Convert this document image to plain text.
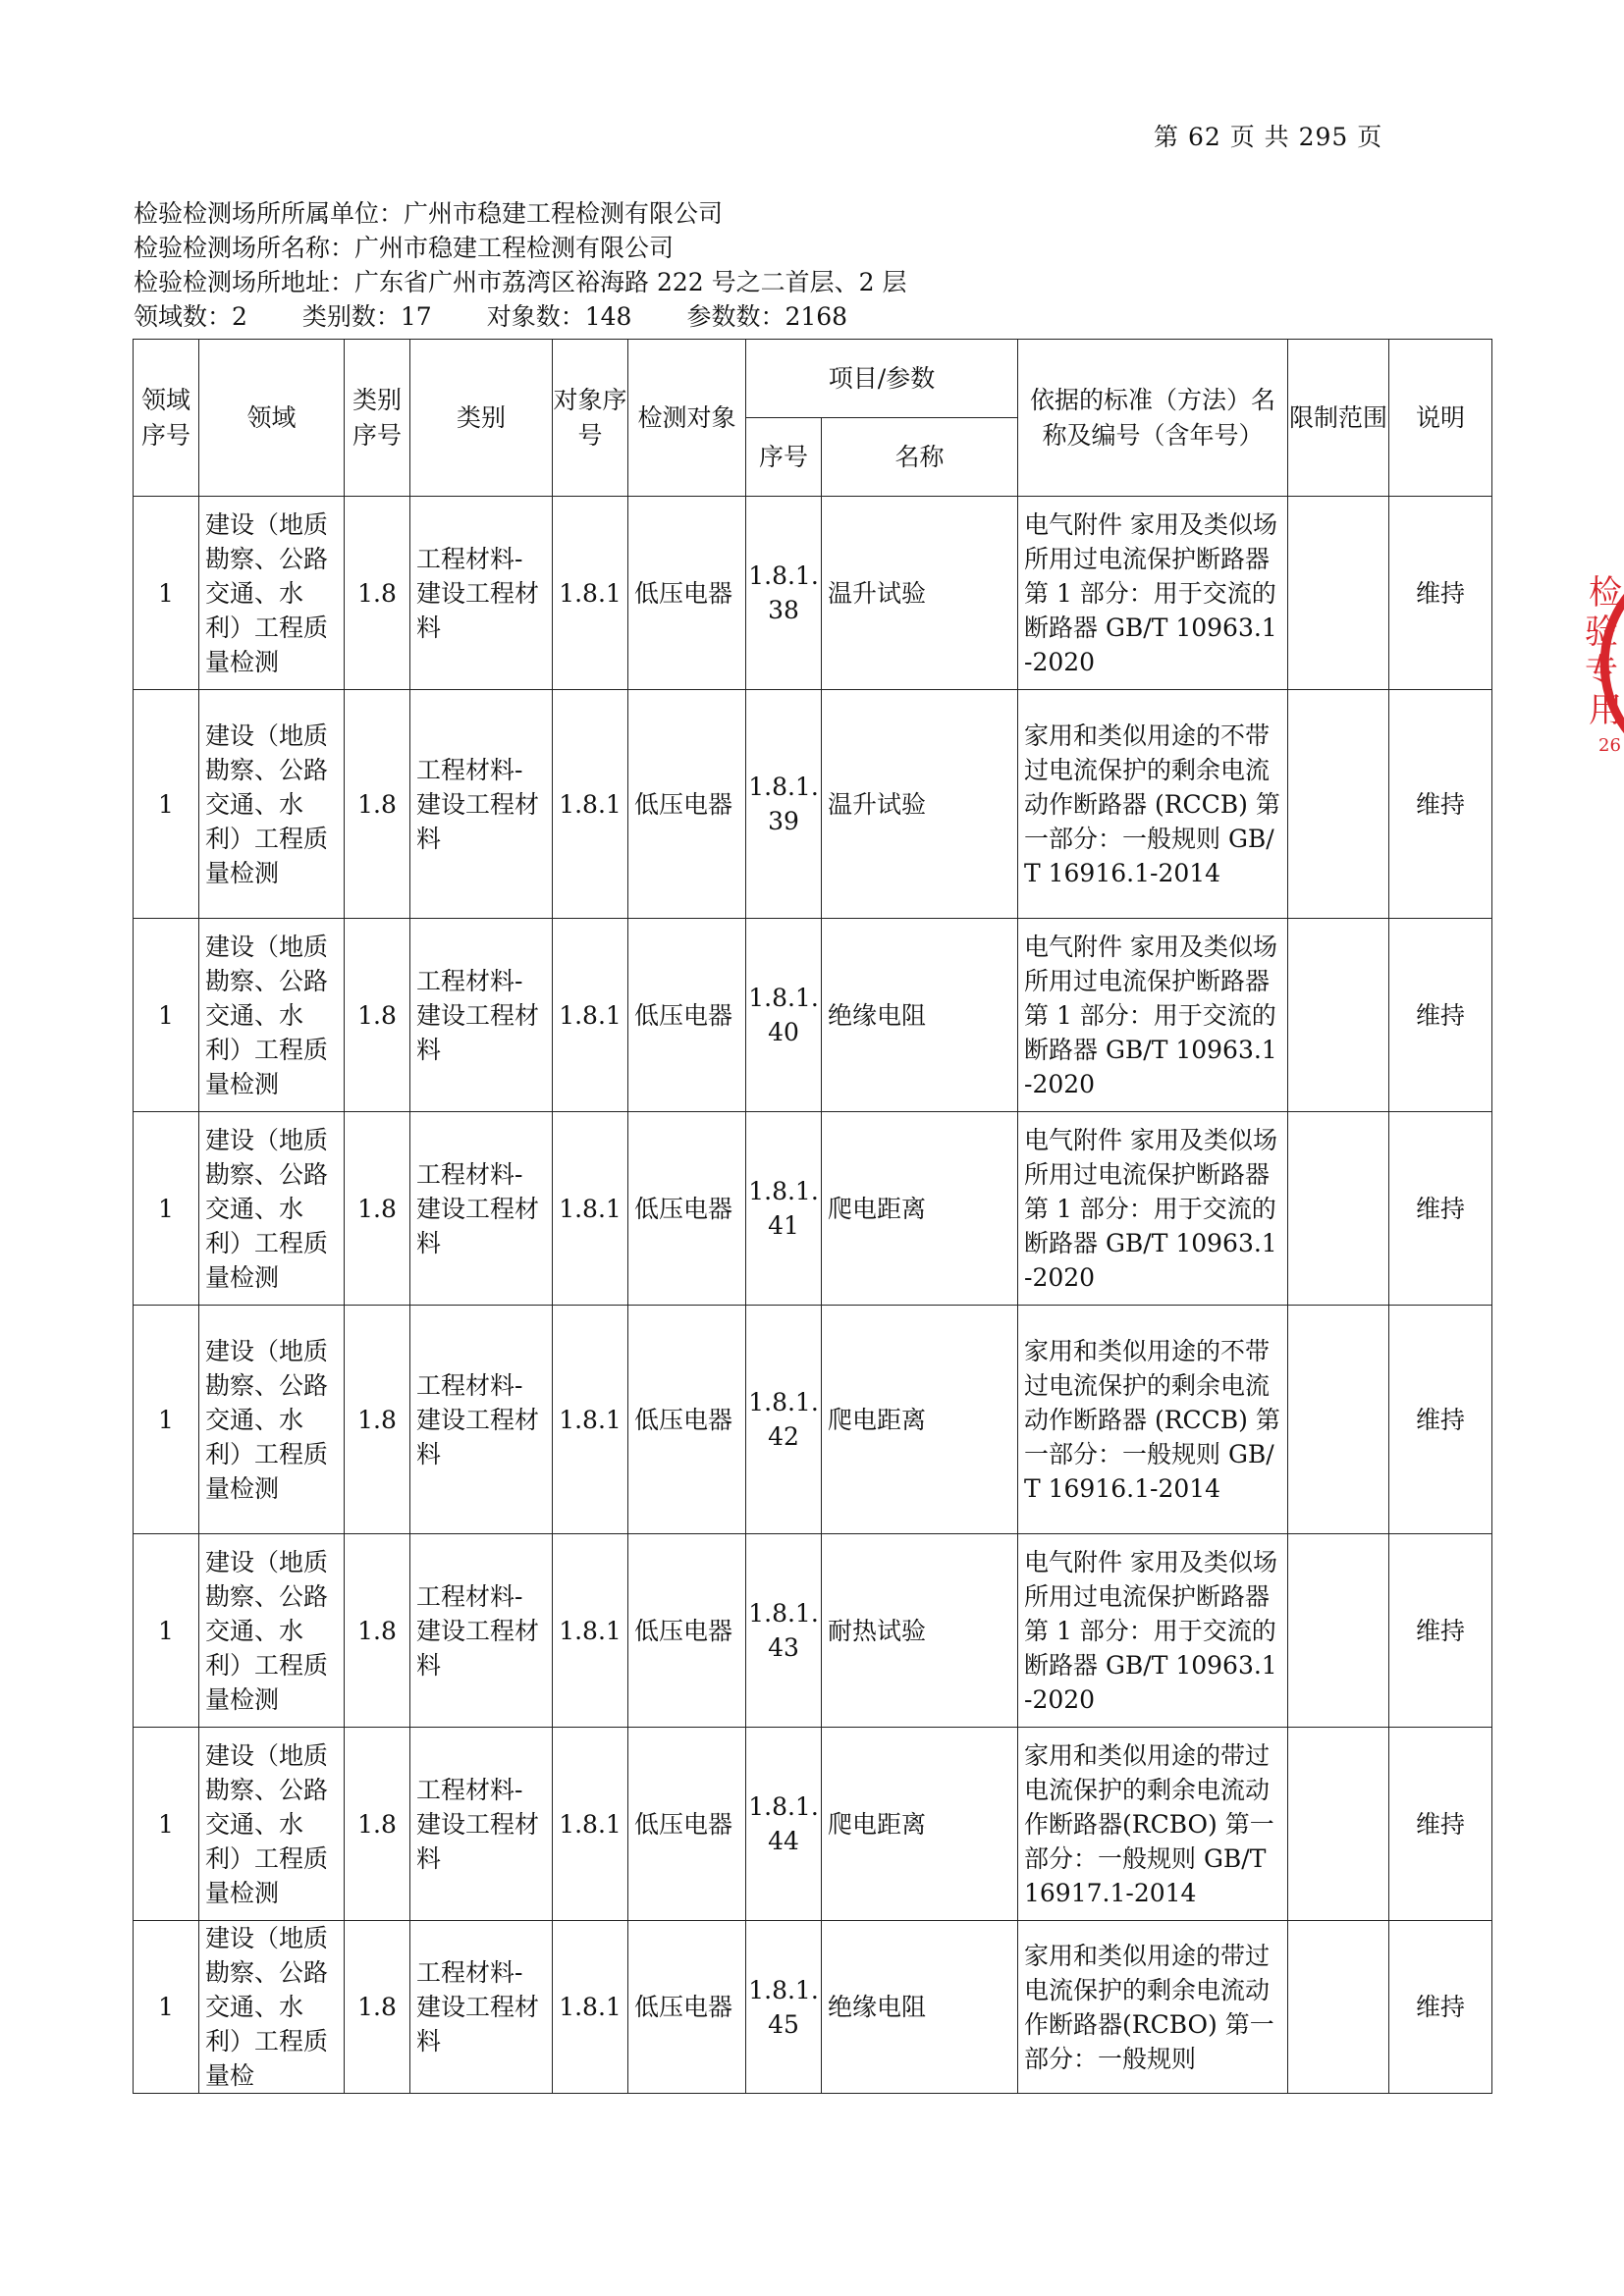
第 62 页 共 295 页
检验检测场所所属单位：广州市稳建工程检测有限公司
检验检测场所名称：广州市稳建工程检测有限公司
检验检测场所地址：广东省广州市荔湾区裕海路 222 号之二首层、2 层
领域数：2 类别数：17 对象数：148 参数数：2168
领域序号	领域	类别序号	类别	对象序号	检测对象	项目/参数		依据的标准（方法）名称及编号（含年号）	限制范围	说明
						序号	名称			
1	建设（地质勘察、公路交通、水利）工程质量检测	1.8	工程材料-建设工程材料	1.8.1	低压电器	1.8.1.38	温升试验	电气附件 家用及类似场所用过电流保护断路器 第 1 部分：用于交流的断路器 GB/T 10963.1-2020		维持
1	建设（地质勘察、公路交通、水利）工程质量检测	1.8	工程材料-建设工程材料	1.8.1	低压电器	1.8.1.39	温升试验	家用和类似用途的不带过电流保护的剩余电流动作断路器 (RCCB) 第一部分：一般规则 GB/T 16916.1-2014		维持
1	建设（地质勘察、公路交通、水利）工程质量检测	1.8	工程材料-建设工程材料	1.8.1	低压电器	1.8.1.40	绝缘电阻	电气附件 家用及类似场所用过电流保护断路器 第 1 部分：用于交流的断路器 GB/T 10963.1-2020		维持
1	建设（地质勘察、公路交通、水利）工程质量检测	1.8	工程材料-建设工程材料	1.8.1	低压电器	1.8.1.41	爬电距离	电气附件 家用及类似场所用过电流保护断路器 第 1 部分：用于交流的断路器 GB/T 10963.1-2020		维持
1	建设（地质勘察、公路交通、水利）工程质量检测	1.8	工程材料-建设工程材料	1.8.1	低压电器	1.8.1.42	爬电距离	家用和类似用途的不带过电流保护的剩余电流动作断路器 (RCCB) 第一部分：一般规则 GB/T 16916.1-2014		维持
1	建设（地质勘察、公路交通、水利）工程质量检测	1.8	工程材料-建设工程材料	1.8.1	低压电器	1.8.1.43	耐热试验	电气附件 家用及类似场所用过电流保护断路器 第 1 部分：用于交流的断路器 GB/T 10963.1-2020		维持
1	建设（地质勘察、公路交通、水利）工程质量检测	1.8	工程材料-建设工程材料	1.8.1	低压电器	1.8.1.44	爬电距离	家用和类似用途的带过电流保护的剩余电流动作断路器(RCBO) 第一部分：一般规则 GB/T 16917.1-2014		维持
1	建设（地质勘察、公路交通、水利）工程质量检	1.8	工程材料-建设工程材料	1.8.1	低压电器	1.8.1.45	绝缘电阻	家用和类似用途的带过电流保护的剩余电流动作断路器(RCBO) 第一部分：一般规则		维持
检
验
专
用
26
